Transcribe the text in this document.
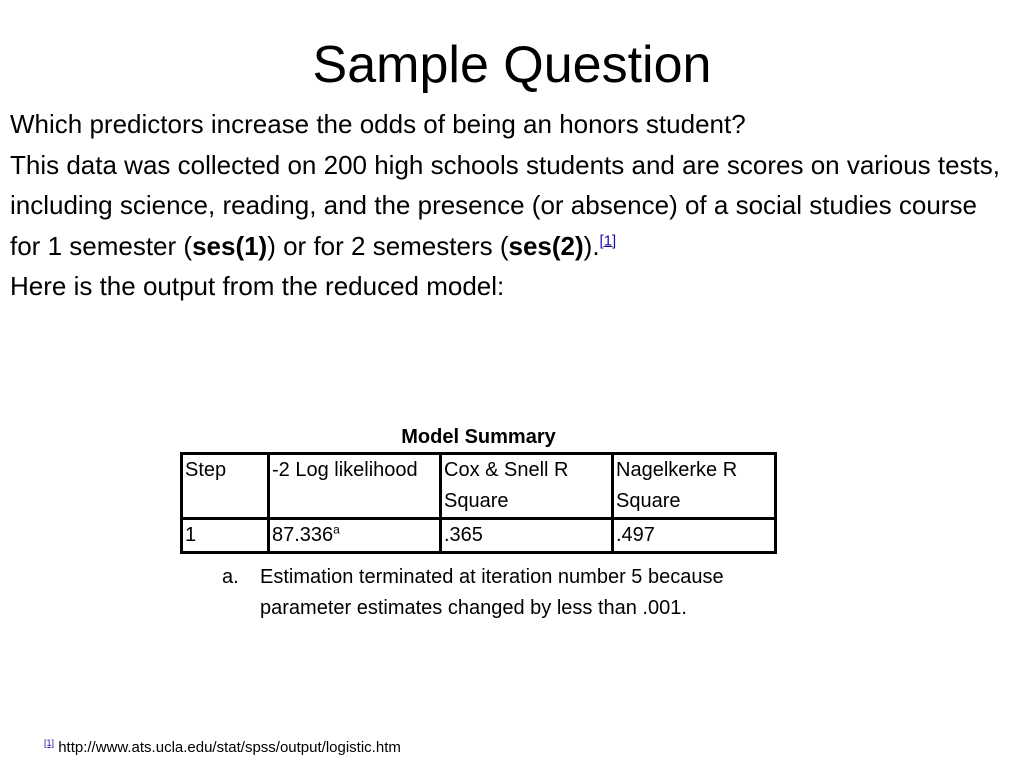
Sample Question

Which predictors increase the odds of being an honors student?

This data was collected on 200 high schools students and are scores on various tests, including science, reading, and the presence (or absence) of a social studies course for 1 semester (ses(1)) or for 2 semesters (ses(2)).[1]

Here is the output from the reduced model:

Model Summary
Step	-2 Log likelihood	Cox & Snell R Square	Nagelkerke R Square
1	87.336$^a$	.365	.497
a. Estimation terminated at iteration number 5 because parameter estimates changed by less than .001.
[1] http://www.ats.ucla.edu/stat/spss/output/logistic.htm
